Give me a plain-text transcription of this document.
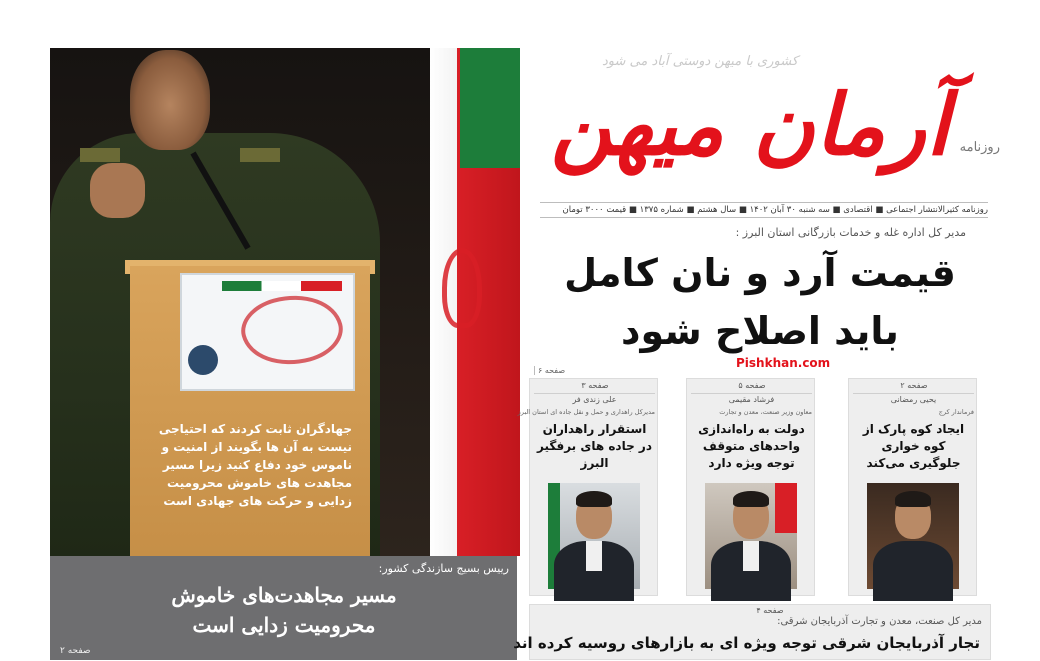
جهادگران ثابت کردند که احتیاجی
نیست به آن ها بگویند از امنیت و
ناموس خود دفاع کنید زیرا مسیر
مجاهدت های خاموش محرومیت
زدایی و حرکت های جهادی است
رییس بسیج سازندگی کشور:
مسیر مجاهدت‌های خاموش
محرومیت زدایی است
صفحه ۲
کشوری با میهن دوستی آباد می شود
آرمان میهن روزنامه
روزنامه کثیرالانتشار اجتماعی ■ اقتصادی ■ سه شنبه ۳۰ آبان ۱۴۰۲ ■ سال هشتم ■ شماره ۱۳۷۵ ■ قیمت ۳۰۰۰ تومان
مدیر کل اداره غله و خدمات بازرگانی استان البرز :
قیمت آرد و نان کامل
باید اصلاح شود
Pishkhan.com
صفحه ۶
صفحه ۲
یحیی رمضانی
فرماندار کرج
ایجاد کوه پارک از کوه خواری جلوگیری می‌کند
صفحه ۵
فرشاد مقیمی
معاون وزیر صنعت، معدن و تجارت
دولت به راه‌اندازی واحدهای متوقف توجه ویژه دارد
صفحه ۳
علی زندی فر
مدیرکل راهداری و حمل و نقل جاده ای استان البرز
استقرار راهداران در جاده های برفگیر البرز
صفحه ۴
مدیر کل صنعت، معدن و تجارت آذربایجان شرقی:
تجار آذربایجان شرقی توجه ویژه ای به بازارهای روسیه کرده اند
